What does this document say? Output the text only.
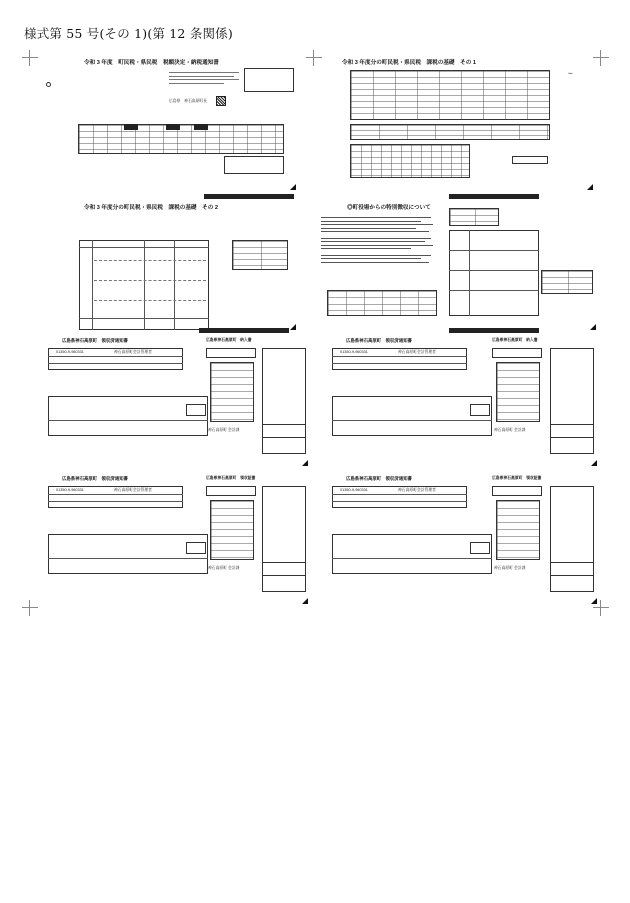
様式第 55 号(その 1)(第 12 条関係)
令和 3 年度　町民税・県民税　税額決定・納税通知書
広島県　神石高原町長
令和 3 年度分の町民税・県民税　課税の基礎　その 1
ー
令和 3 年度分の町民税・県民税　課税の基礎　その 2	◎町役場からの特別徴収について
広島県神石高原町　領収済通知書
01350-9-960331	神石高原町会計管理者
広島県神石高原町　納入書
神石高原町 会計課
広島県神石高原町　領収済通知書
01350-9-960331	神石高原町会計管理者
広島県神石高原町　納入書
神石高原町 会計課
広島県神石高原町　領収済通知書
01350-9-960331	神石高原町会計管理者
広島県神石高原町　領収証書
神石高原町 会計課
広島県神石高原町　領収済通知書
01350-9-960331	神石高原町会計管理者
広島県神石高原町　領収証書
神石高原町 会計課
